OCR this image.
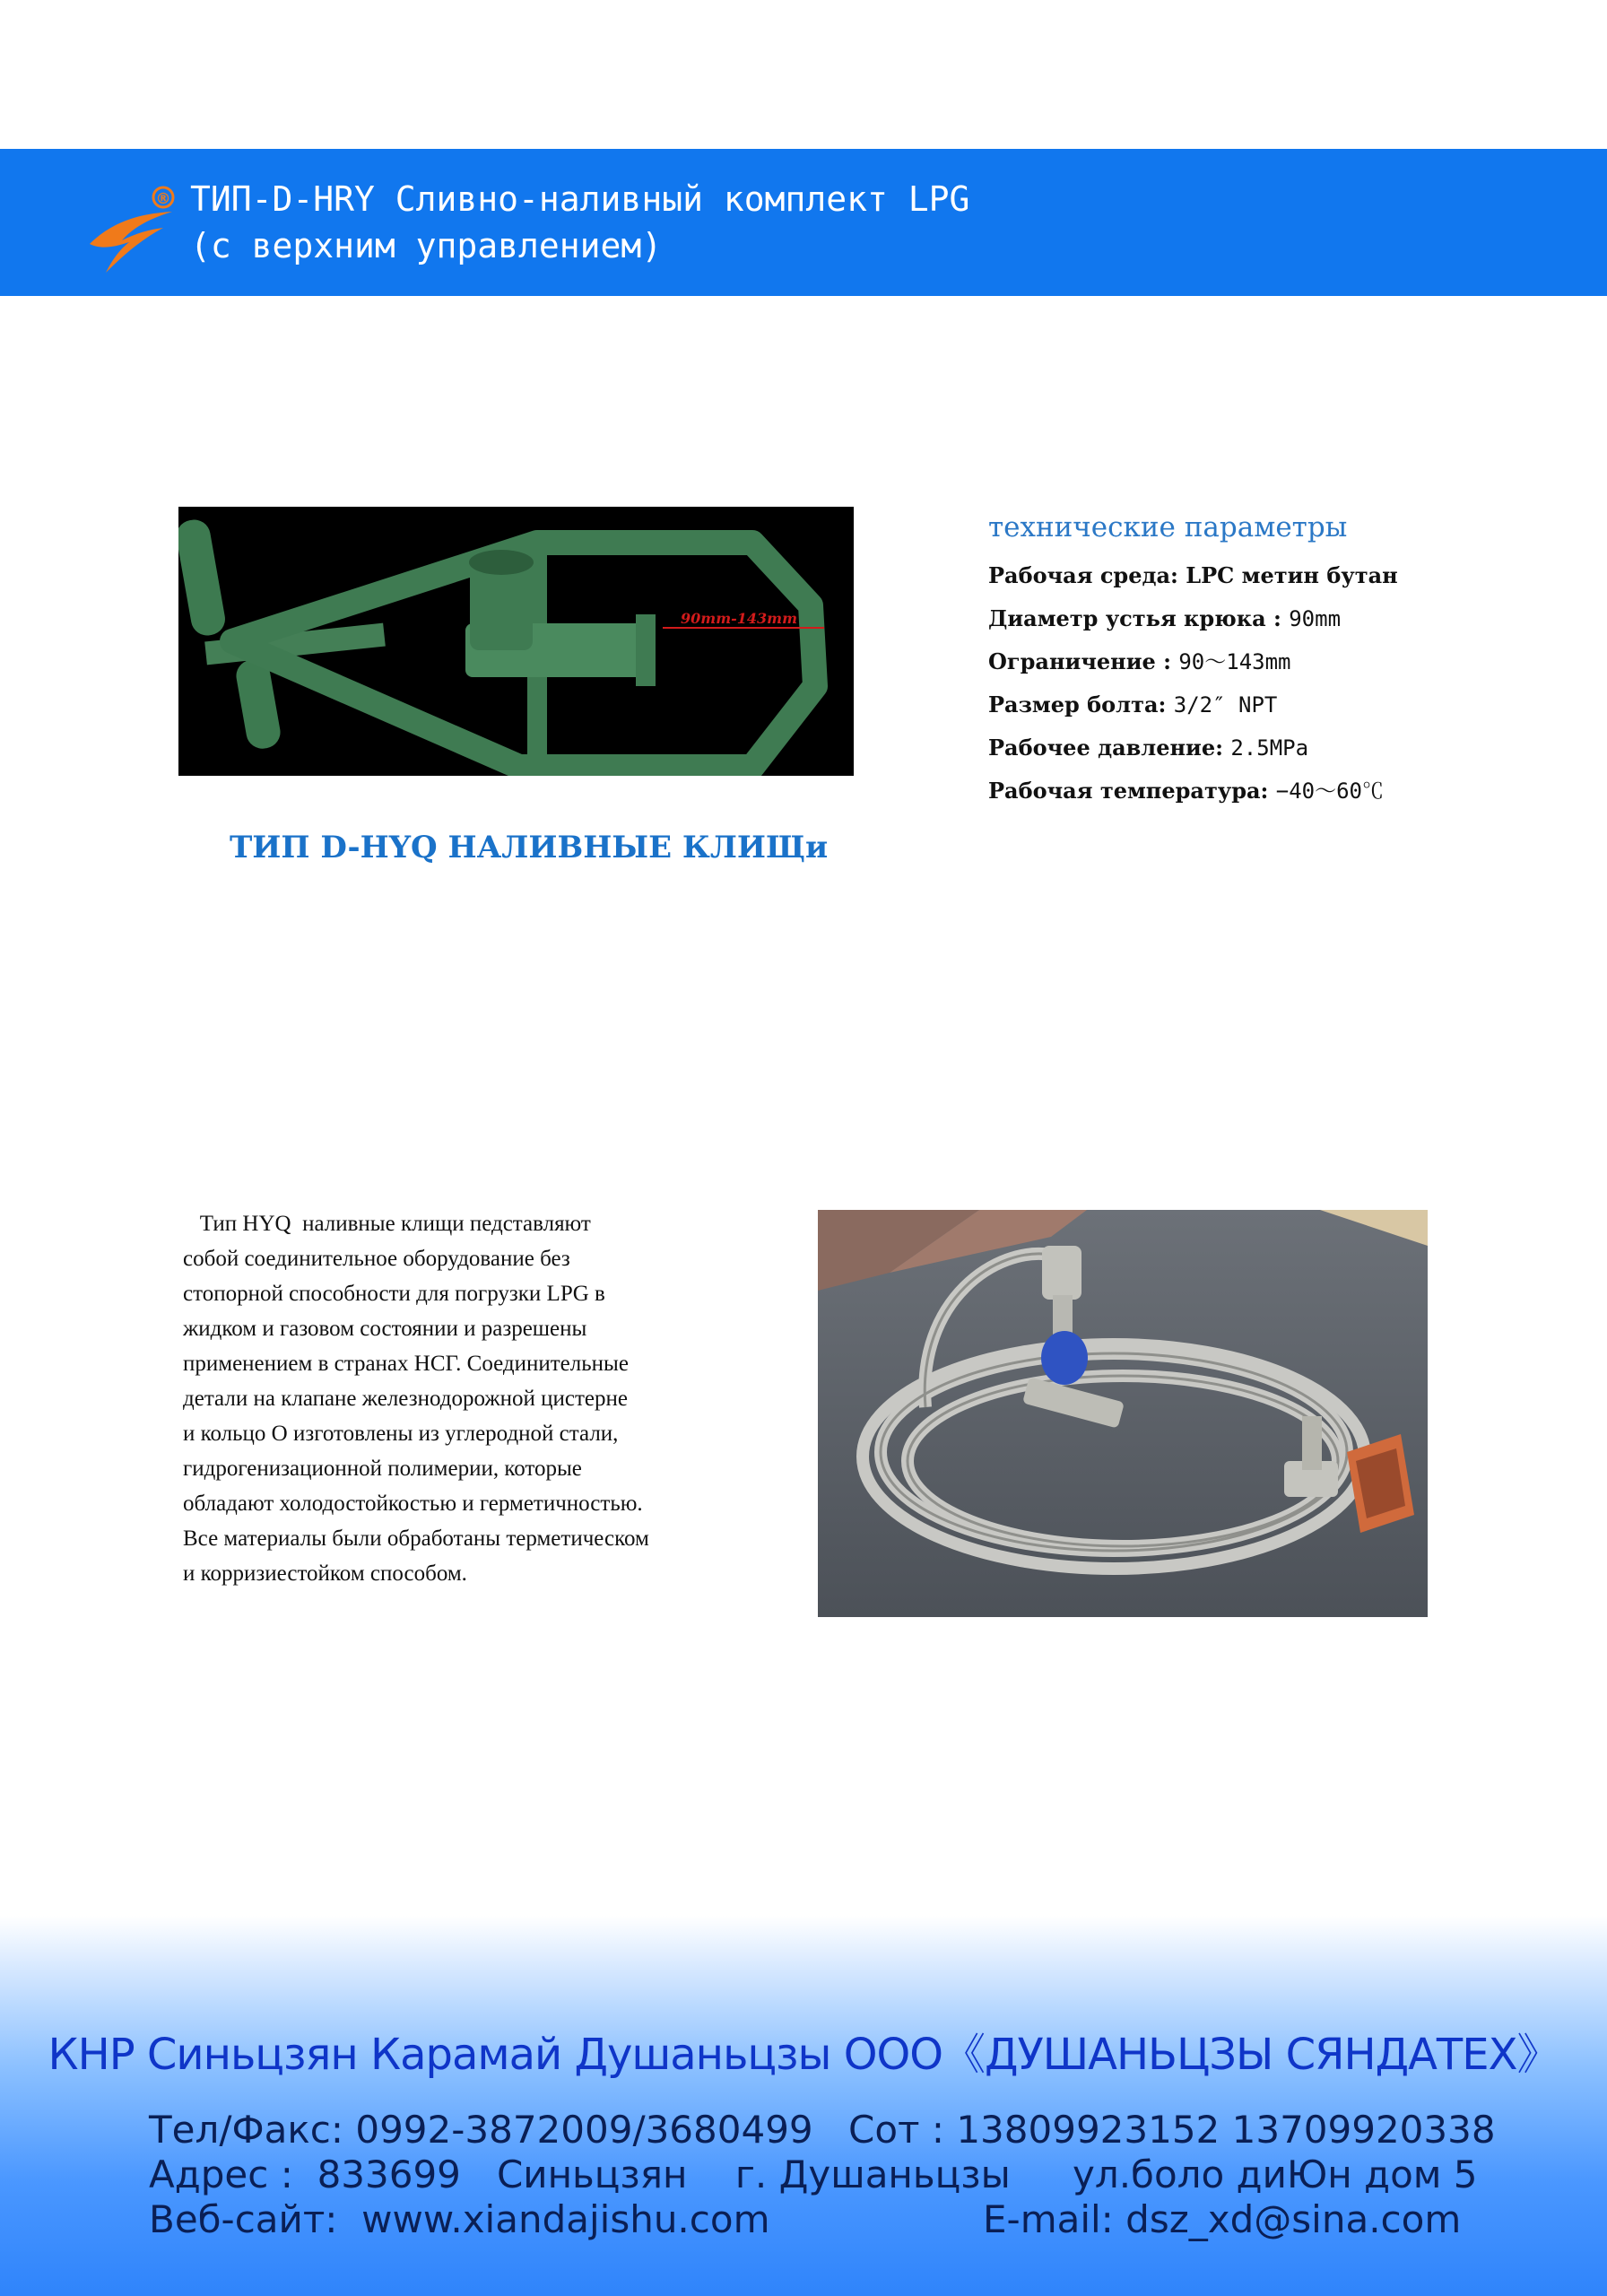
® ТИП-D-HRY Сливно-наливный комплект LPG
(с верхним управлением)
90mm-143mm
ТИП D-HYQ НАЛИВНЫЕ КЛИЩи
технические параметры
Рабочая среда: LPC метин бутан
Диаметр устья крюка : 90mm
Ограничение : 90～143mm
Размер болта: 3/2″ NPT
Рабочее давление: 2.5MPa
Рабочая температура: −40～60℃

Тип HYQ  наливные клищи педставляют

собой соединительное оборудование без

стопорной способности для погрузки LPG в

жидком и газовом состоянии и разрешены

применением в странах НСГ. Соединительные

детали на клапане железнодорожной цистерне

и кольцо О изготовлены из углеродной стали,

гидрогенизационной полимерии, которые

обладают холодостойкостью и герметичностью.

Все материалы были обработаны терметическом

и корризиестойком способом.

КНР Синьцзян Карамай Душаньцзы ООО《ДУШАНЬЦЗЫ СЯНДАТЕХ》
Тел/Факс: 0992-3872009/3680499 Сот : 13809923152 13709920338
Адрес :  833699   Синьцзян    г. Душаньцзы ул.боло диЮн дом 5
Веб-сайт:  www.xiandajishu.com	E-mail: dsz_xd@sina.com
